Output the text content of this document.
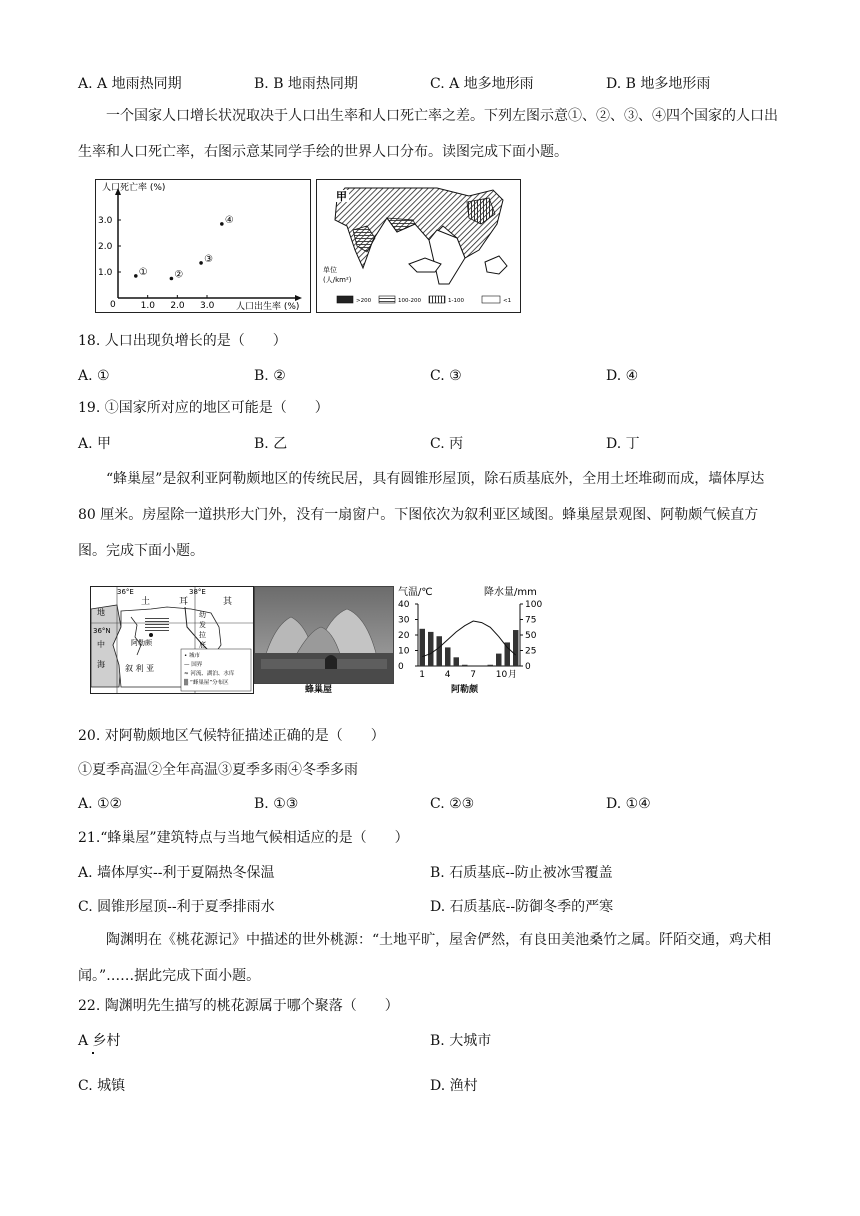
A. A 地雨热同期	B. B 地雨热同期	C. A 地多地形雨	D. B 地多地形雨
一个国家人口增长状况取决于人口出生率和人口死亡率之差。下列左图示意①、②、③、④四个国家的人口出生率和人口死亡率，右图示意某同学手绘的世界人口分布。读图完成下面小题。
人口死亡率 (%)
人口出生率 (%)
0	1.0 2.0 3.0
3.0
2.0
1.0	①	②
③
④
甲
单位
(人/km²)
>200	100-200	1-100	<1
18. 人口出现负增长的是（　　）
A. ①	B. ②	C. ③	D. ④
19. ①国家所对应的地区可能是（　　）
A. 甲	B. 乙	C. 丙	D. 丁
“蜂巢屋”是叙利亚阿勒颇地区的传统民居，具有圆锥形屋顶，除石质基底外，全用土坯堆砌而成，墙体厚达 80 厘米。房屋除一道拱形大门外，没有一扇窗户。下图依次为叙利亚区域图。蜂巢屋景观图、阿勒颇气候直方图。完成下面小题。
36°E	38°E
36°N
土	耳	其
地
中
海	叙 利 亚
阿勒颇
幼
发
拉
底
• 城市
— 国界
≈ 河流、湖泊、水库
▒ “蜂巢屋”分布区
蜂巢屋
气温/℃	降水量/mm
40
30
20
10
0
100
75
50
25
0
1 4 7 10 月
阿勒颇
20. 对阿勒颇地区气候特征描述正确的是（　　）
①夏季高温②全年高温③夏季多雨④冬季多雨
A. ①②	B. ①③	C. ②③	D. ①④
21.“蜂巢屋”建筑特点与当地气候相适应的是（　　）
A. 墙体厚实--利于夏隔热冬保温	B. 石质基底--防止被冰雪覆盖
C. 圆锥形屋顶--利于夏季排雨水	D. 石质基底--防御冬季的严寒
陶渊明在《桃花源记》中描述的世外桃源：“土地平旷，屋舍俨然，有良田美池桑竹之属。阡陌交通，鸡犬相闻。”……据此完成下面小题。
22. 陶渊明先生描写的桃花源属于哪个聚落（　　）
A 乡村	B. 大城市
C. 城镇	D. 渔村
